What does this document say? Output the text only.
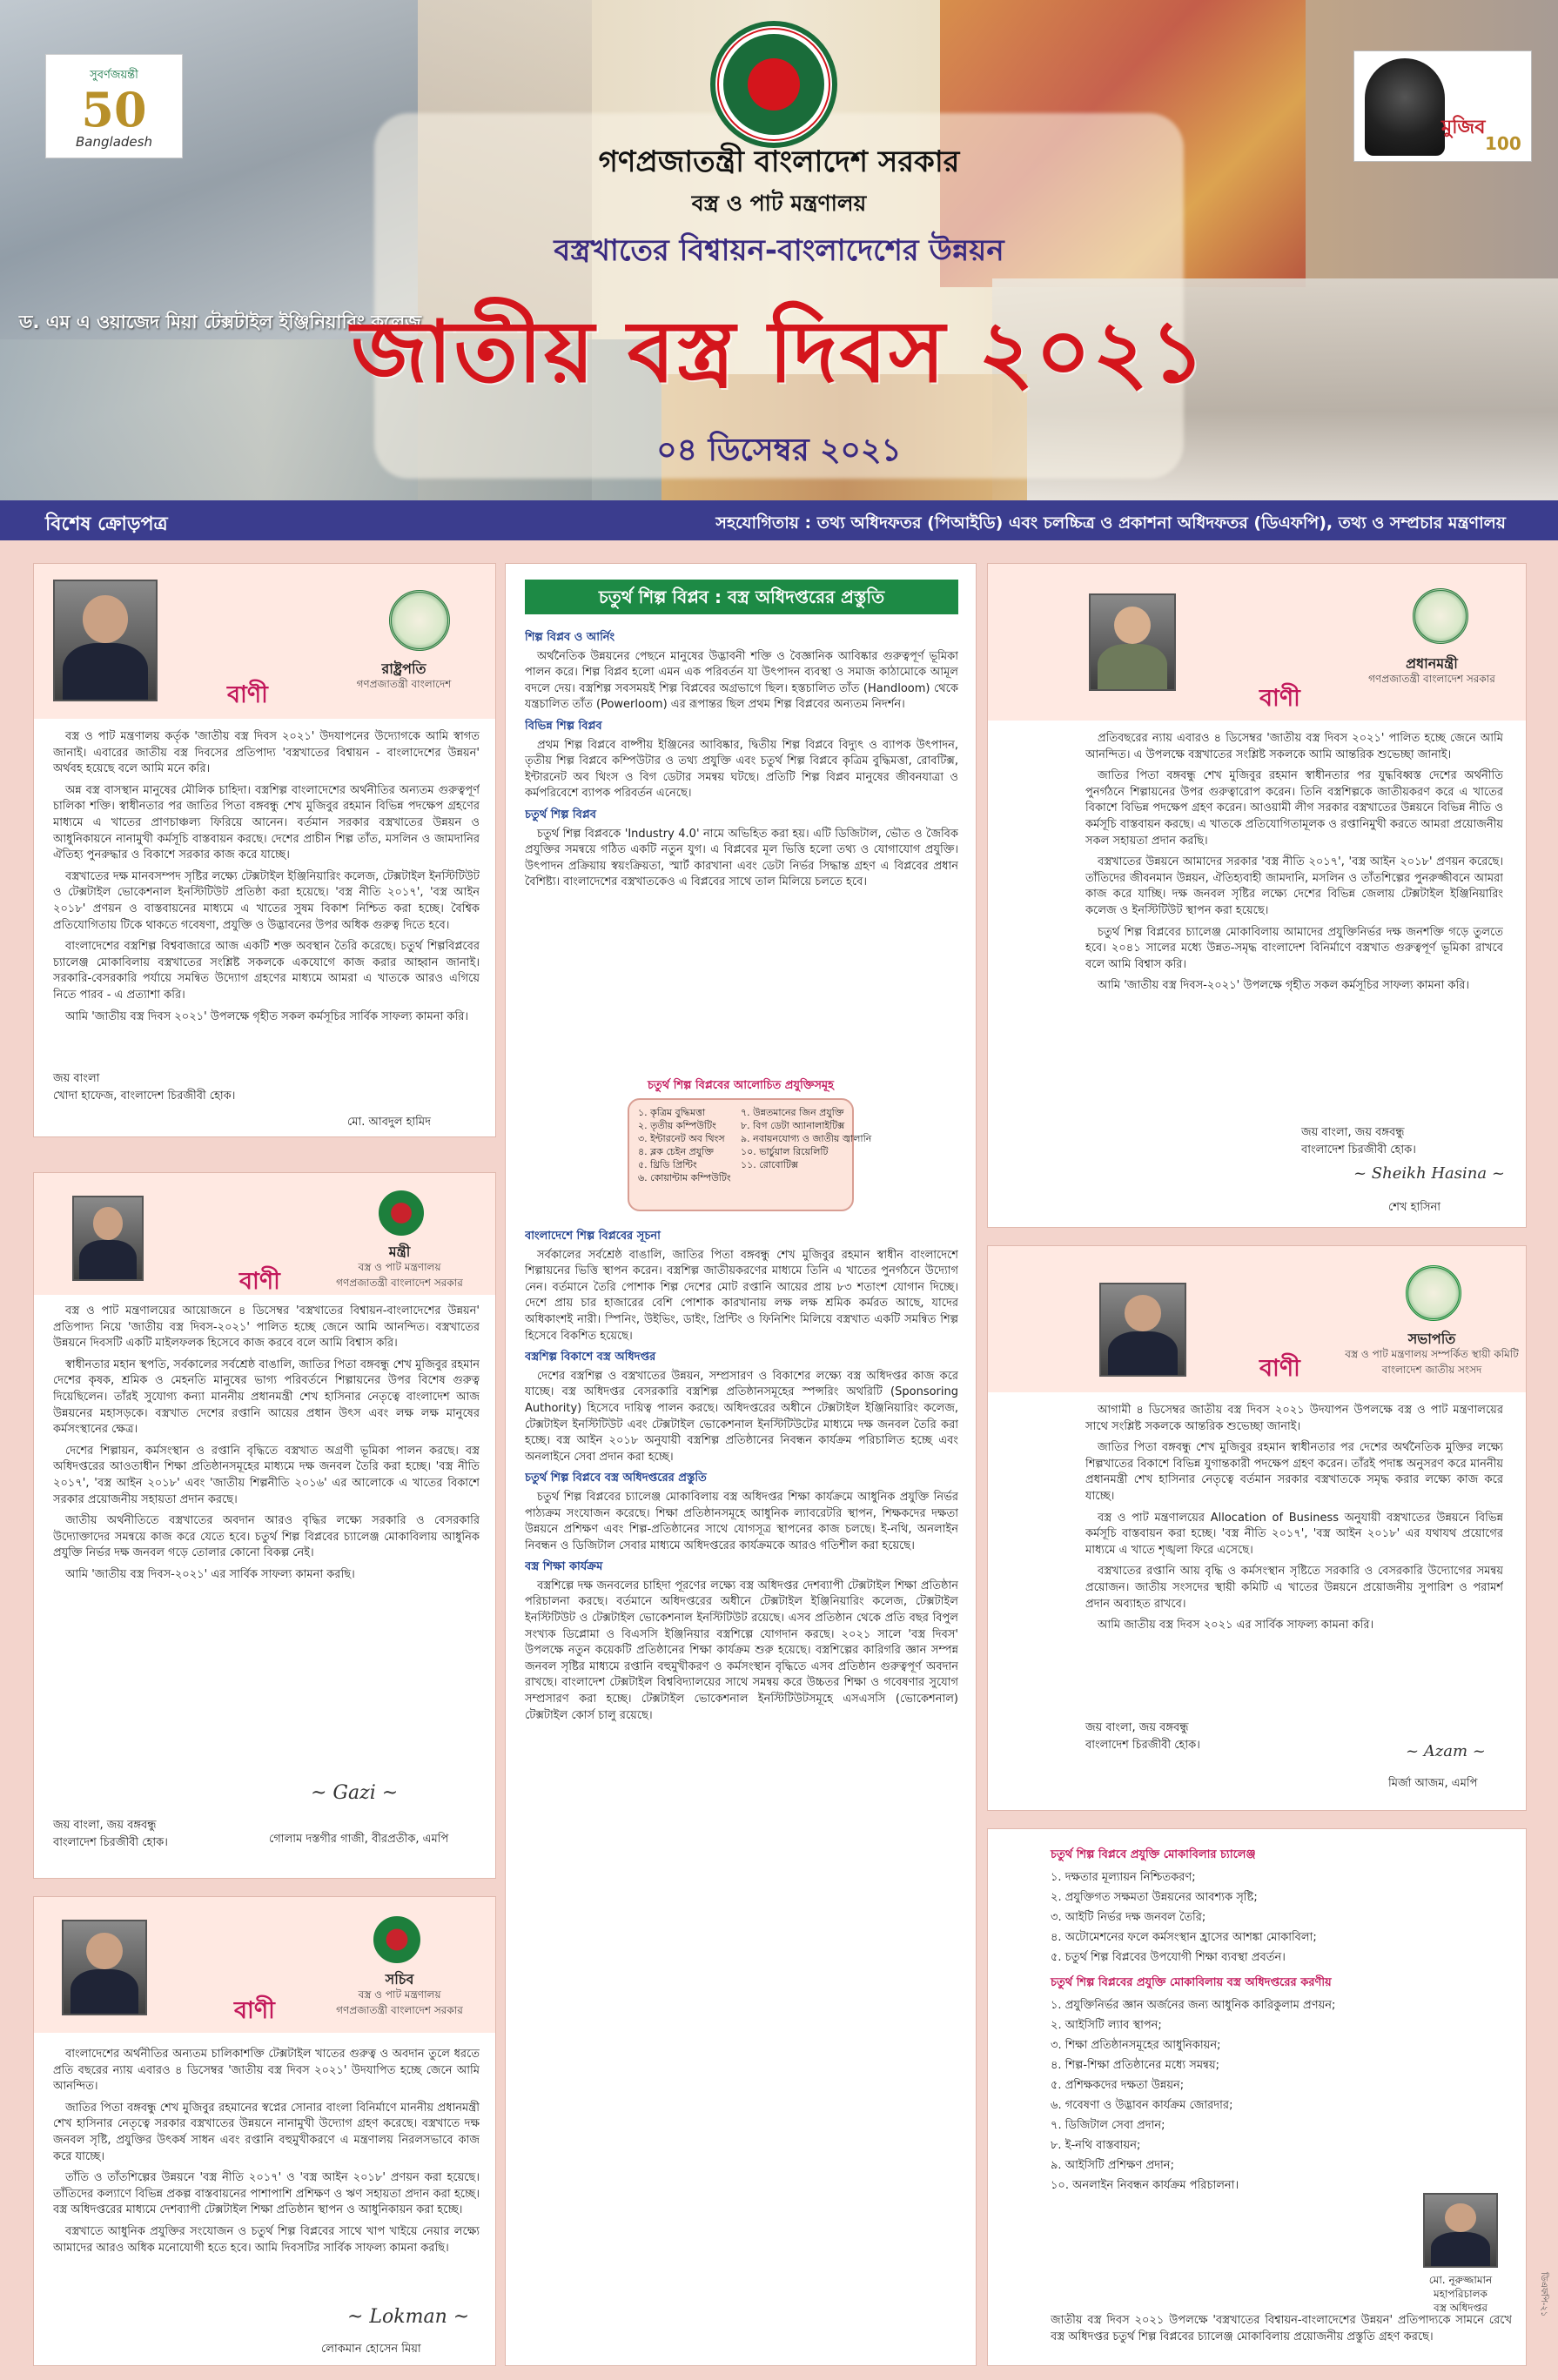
সুবর্ণজয়ন্তী
50
Bangladesh
মুজিব
100
গণপ্রজাতন্ত্রী বাংলাদেশ সরকার
বস্ত্র ও পাট মন্ত্রণালয়
বস্ত্রখাতের বিশ্বায়ন-বাংলাদেশের উন্নয়ন
ড. এম এ ওয়াজেদ মিয়া টেক্সটাইল ইঞ্জিনিয়ারিং কলেজ
জাতীয় বস্ত্র দিবস ২০২১
০৪ ডিসেম্বর ২০২১
বিশেষ ক্রোড়পত্র	সহযোগিতায় : তথ্য অধিদফতর (পিআইডি) এবং চলচ্চিত্র ও প্রকাশনা অধিদফতর (ডিএফপি), তথ্য ও সম্প্রচার মন্ত্রণালয়
রাষ্ট্রপতি
গণপ্রজাতন্ত্রী বাংলাদেশ
বাণী

বস্ত্র ও পাট মন্ত্রণালয় কর্তৃক 'জাতীয় বস্ত্র দিবস ২০২১' উদযাপনের উদ্যোগকে আমি স্বাগত জানাই। এবারের জাতীয় বস্ত্র দিবসের প্রতিপাদ্য 'বস্ত্রখাতের বিশ্বায়ন - বাংলাদেশের উন্নয়ন' অর্থবহ হয়েছে বলে আমি মনে করি।

অন্ন বস্ত্র বাসস্থান মানুষের মৌলিক চাহিদা। বস্ত্রশিল্প বাংলাদেশের অর্থনীতির অন্যতম গুরুত্বপূর্ণ চালিকা শক্তি। স্বাধীনতার পর জাতির পিতা বঙ্গবন্ধু শেখ মুজিবুর রহমান বিভিন্ন পদক্ষেপ গ্রহণের মাধ্যমে এ খাতের প্রাণচাঞ্চল্য ফিরিয়ে আনেন। বর্তমান সরকার বস্ত্রখাতের উন্নয়ন ও আধুনিকায়নে নানামুখী কর্মসূচি বাস্তবায়ন করছে। দেশের প্রাচীন শিল্প তাঁত, মসলিন ও জামদানির ঐতিহ্য পুনরুদ্ধার ও বিকাশে সরকার কাজ করে যাচ্ছে।

বস্ত্রখাতের দক্ষ মানবসম্পদ সৃষ্টির লক্ষ্যে টেক্সটাইল ইঞ্জিনিয়ারিং কলেজ, টেক্সটাইল ইনস্টিটিউট ও টেক্সটাইল ভোকেশনাল ইনস্টিটিউট প্রতিষ্ঠা করা হয়েছে। 'বস্ত্র নীতি ২০১৭', 'বস্ত্র আইন ২০১৮' প্রণয়ন ও বাস্তবায়নের মাধ্যমে এ খাতের সুষম বিকাশ নিশ্চিত করা হচ্ছে। বৈশ্বিক প্রতিযোগিতায় টিকে থাকতে গবেষণা, প্রযুক্তি ও উদ্ভাবনের উপর অধিক গুরুত্ব দিতে হবে।

বাংলাদেশের বস্ত্রশিল্প বিশ্ববাজারে আজ একটি শক্ত অবস্থান তৈরি করেছে। চতুর্থ শিল্পবিপ্লবের চ্যালেঞ্জ মোকাবিলায় বস্ত্রখাতের সংশ্লিষ্ট সকলকে একযোগে কাজ করার আহ্বান জানাই। সরকারি-বেসরকারি পর্যায়ে সমন্বিত উদ্যোগ গ্রহণের মাধ্যমে আমরা এ খাতকে আরও এগিয়ে নিতে পারব - এ প্রত্যাশা করি।

আমি 'জাতীয় বস্ত্র দিবস ২০২১' উপলক্ষে গৃহীত সকল কর্মসূচির সার্বিক সাফল্য কামনা করি।

জয় বাংলা
খোদা হাফেজ, বাংলাদেশ চিরজীবী হোক।
মো. আবদুল হামিদ
মন্ত্রী
বস্ত্র ও পাট মন্ত্রণালয়
গণপ্রজাতন্ত্রী বাংলাদেশ সরকার
বাণী

বস্ত্র ও পাট মন্ত্রণালয়ের আয়োজনে ৪ ডিসেম্বর 'বস্ত্রখাতের বিশ্বায়ন-বাংলাদেশের উন্নয়ন' প্রতিপাদ্য নিয়ে 'জাতীয় বস্ত্র দিবস-২০২১' পালিত হচ্ছে জেনে আমি আনন্দিত। বস্ত্রখাতের উন্নয়নে দিবসটি একটি মাইলফলক হিসেবে কাজ করবে বলে আমি বিশ্বাস করি।

স্বাধীনতার মহান স্থপতি, সর্বকালের সর্বশ্রেষ্ঠ বাঙালি, জাতির পিতা বঙ্গবন্ধু শেখ মুজিবুর রহমান দেশের কৃষক, শ্রমিক ও মেহনতি মানুষের ভাগ্য পরিবর্তনে শিল্পায়নের উপর বিশেষ গুরুত্ব দিয়েছিলেন। তাঁরই সুযোগ্য কন্যা মাননীয় প্রধানমন্ত্রী শেখ হাসিনার নেতৃত্বে বাংলাদেশ আজ উন্নয়নের মহাসড়কে। বস্ত্রখাত দেশের রপ্তানি আয়ের প্রধান উৎস এবং লক্ষ লক্ষ মানুষের কর্মসংস্থানের ক্ষেত্র।

দেশের শিল্পায়ন, কর্মসংস্থান ও রপ্তানি বৃদ্ধিতে বস্ত্রখাত অগ্রণী ভূমিকা পালন করছে। বস্ত্র অধিদপ্তরের আওতাধীন শিক্ষা প্রতিষ্ঠানসমূহের মাধ্যমে দক্ষ জনবল তৈরি করা হচ্ছে। 'বস্ত্র নীতি ২০১৭', 'বস্ত্র আইন ২০১৮' এবং 'জাতীয় শিল্পনীতি ২০১৬' এর আলোকে এ খাতের বিকাশে সরকার প্রয়োজনীয় সহায়তা প্রদান করছে।

জাতীয় অর্থনীতিতে বস্ত্রখাতের অবদান আরও বৃদ্ধির লক্ষ্যে সরকারি ও বেসরকারি উদ্যোক্তাদের সমন্বয়ে কাজ করে যেতে হবে। চতুর্থ শিল্প বিপ্লবের চ্যালেঞ্জ মোকাবিলায় আধুনিক প্রযুক্তি নির্ভর দক্ষ জনবল গড়ে তোলার কোনো বিকল্প নেই।

আমি 'জাতীয় বস্ত্র দিবস-২০২১' এর সার্বিক সাফল্য কামনা করছি।

~ Gazi ~
জয় বাংলা, জয় বঙ্গবন্ধু
বাংলাদেশ চিরজীবী হোক।	গোলাম দস্তগীর গাজী, বীরপ্রতীক, এমপি
সচিব
বস্ত্র ও পাট মন্ত্রণালয়
গণপ্রজাতন্ত্রী বাংলাদেশ সরকার
বাণী

বাংলাদেশের অর্থনীতির অন্যতম চালিকাশক্তি টেক্সটাইল খাতের গুরুত্ব ও অবদান তুলে ধরতে প্রতি বছরের ন্যায় এবারও ৪ ডিসেম্বর 'জাতীয় বস্ত্র দিবস ২০২১' উদযাপিত হচ্ছে জেনে আমি আনন্দিত।

জাতির পিতা বঙ্গবন্ধু শেখ মুজিবুর রহমানের স্বপ্নের সোনার বাংলা বিনির্মাণে মাননীয় প্রধানমন্ত্রী শেখ হাসিনার নেতৃত্বে সরকার বস্ত্রখাতের উন্নয়নে নানামুখী উদ্যোগ গ্রহণ করেছে। বস্ত্রখাতে দক্ষ জনবল সৃষ্টি, প্রযুক্তির উৎকর্ষ সাধন এবং রপ্তানি বহুমুখীকরণে এ মন্ত্রণালয় নিরলসভাবে কাজ করে যাচ্ছে।

তাঁতি ও তাঁতশিল্পের উন্নয়নে 'বস্ত্র নীতি ২০১৭' ও 'বস্ত্র আইন ২০১৮' প্রণয়ন করা হয়েছে। তাঁতিদের কল্যাণে বিভিন্ন প্রকল্প বাস্তবায়নের পাশাপাশি প্রশিক্ষণ ও ঋণ সহায়তা প্রদান করা হচ্ছে। বস্ত্র অধিদপ্তরের মাধ্যমে দেশব্যাপী টেক্সটাইল শিক্ষা প্রতিষ্ঠান স্থাপন ও আধুনিকায়ন করা হচ্ছে।

বস্ত্রখাতে আধুনিক প্রযুক্তির সংযোজন ও চতুর্থ শিল্প বিপ্লবের সাথে খাপ খাইয়ে নেয়ার লক্ষ্যে আমাদের আরও অধিক মনোযোগী হতে হবে। আমি দিবসটির সার্বিক সাফল্য কামনা করছি।

~ Lokman ~
লোকমান হোসেন মিয়া
চতুর্থ শিল্প বিপ্লব : বস্ত্র অধিদপ্তরের প্রস্তুতি
শিল্প বিপ্লব ও আর্নিং

অর্থনৈতিক উন্নয়নের পেছনে মানুষের উদ্ভাবনী শক্তি ও বৈজ্ঞানিক আবিষ্কার গুরুত্বপূর্ণ ভূমিকা পালন করে। শিল্প বিপ্লব হলো এমন এক পরিবর্তন যা উৎপাদন ব্যবস্থা ও সমাজ কাঠামোকে আমূল বদলে দেয়। বস্ত্রশিল্প সবসময়ই শিল্প বিপ্লবের অগ্রভাগে ছিল। হস্তচালিত তাঁত (Handloom) থেকে যন্ত্রচালিত তাঁত (Powerloom) এর রূপান্তর ছিল প্রথম শিল্প বিপ্লবের অন্যতম নিদর্শন।

বিভিন্ন শিল্প বিপ্লব

প্রথম শিল্প বিপ্লবে বাষ্পীয় ইঞ্জিনের আবিষ্কার, দ্বিতীয় শিল্প বিপ্লবে বিদ্যুৎ ও ব্যাপক উৎপাদন, তৃতীয় শিল্প বিপ্লবে কম্পিউটার ও তথ্য প্রযুক্তি এবং চতুর্থ শিল্প বিপ্লবে কৃত্রিম বুদ্ধিমত্তা, রোবটিক্স, ইন্টারনেট অব থিংস ও বিগ ডেটার সমন্বয় ঘটছে। প্রতিটি শিল্প বিপ্লব মানুষের জীবনযাত্রা ও কর্মপরিবেশে ব্যাপক পরিবর্তন এনেছে।

চতুর্থ শিল্প বিপ্লব

চতুর্থ শিল্প বিপ্লবকে 'Industry 4.0' নামে অভিহিত করা হয়। এটি ডিজিটাল, ভৌত ও জৈবিক প্রযুক্তির সমন্বয়ে গঠিত একটি নতুন যুগ। এ বিপ্লবের মূল ভিত্তি হলো তথ্য ও যোগাযোগ প্রযুক্তি। উৎপাদন প্রক্রিয়ায় স্বয়ংক্রিয়তা, স্মার্ট কারখানা এবং ডেটা নির্ভর সিদ্ধান্ত গ্রহণ এ বিপ্লবের প্রধান বৈশিষ্ট্য। বাংলাদেশের বস্ত্রখাতকেও এ বিপ্লবের সাথে তাল মিলিয়ে চলতে হবে।

চতুর্থ শিল্প বিপ্লবের আলোচিত প্রযুক্তিসমূহ
১. কৃত্রিম বুদ্ধিমত্তা
২. তৃতীয় কম্পিউটিং
৩. ইন্টারনেট অব থিংস
৪. ব্লক চেইন প্রযুক্তি
৫. থ্রিডি প্রিন্টিং
৬. কোয়ান্টাম কম্পিউটিং
৭. উন্নতমানের জিন প্রযুক্তি
৮. বিগ ডেটা অ্যানালাইটিক্স
৯. নবায়নযোগ্য ও জাতীয় জ্বালানি
১০. ভার্চুয়াল রিয়েলিটি
১১. রোবোটিক্স
বাংলাদেশে শিল্প বিপ্লবের সূচনা

সর্বকালের সর্বশ্রেষ্ঠ বাঙালি, জাতির পিতা বঙ্গবন্ধু শেখ মুজিবুর রহমান স্বাধীন বাংলাদেশে শিল্পায়নের ভিত্তি স্থাপন করেন। বস্ত্রশিল্প জাতীয়করণের মাধ্যমে তিনি এ খাতের পুনর্গঠনে উদ্যোগ নেন। বর্তমানে তৈরি পোশাক শিল্প দেশের মোট রপ্তানি আয়ের প্রায় ৮৩ শতাংশ যোগান দিচ্ছে। দেশে প্রায় চার হাজারের বেশি পোশাক কারখানায় লক্ষ লক্ষ শ্রমিক কর্মরত আছে, যাদের অধিকাংশই নারী। স্পিনিং, উইভিং, ডাইং, প্রিন্টিং ও ফিনিশিং মিলিয়ে বস্ত্রখাত একটি সমন্বিত শিল্প হিসেবে বিকশিত হয়েছে।

বস্ত্রশিল্প বিকাশে বস্ত্র অধিদপ্তর

দেশের বস্ত্রশিল্প ও বস্ত্রখাতের উন্নয়ন, সম্প্রসারণ ও বিকাশের লক্ষ্যে বস্ত্র অধিদপ্তর কাজ করে যাচ্ছে। বস্ত্র অধিদপ্তর বেসরকারি বস্ত্রশিল্প প্রতিষ্ঠানসমূহের স্পন্সরিং অথরিটি (Sponsoring Authority) হিসেবে দায়িত্ব পালন করছে। অধিদপ্তরের অধীনে টেক্সটাইল ইঞ্জিনিয়ারিং কলেজ, টেক্সটাইল ইনস্টিটিউট এবং টেক্সটাইল ভোকেশনাল ইনস্টিটিউটের মাধ্যমে দক্ষ জনবল তৈরি করা হচ্ছে। বস্ত্র আইন ২০১৮ অনুযায়ী বস্ত্রশিল্প প্রতিষ্ঠানের নিবন্ধন কার্যক্রম পরিচালিত হচ্ছে এবং অনলাইনে সেবা প্রদান করা হচ্ছে।

চতুর্থ শিল্প বিপ্লবে বস্ত্র অধিদপ্তরের প্রস্তুতি

চতুর্থ শিল্প বিপ্লবের চ্যালেঞ্জ মোকাবিলায় বস্ত্র অধিদপ্তর শিক্ষা কার্যক্রমে আধুনিক প্রযুক্তি নির্ভর পাঠ্যক্রম সংযোজন করেছে। শিক্ষা প্রতিষ্ঠানসমূহে আধুনিক ল্যাবরেটরি স্থাপন, শিক্ষকদের দক্ষতা উন্নয়নে প্রশিক্ষণ এবং শিল্প-প্রতিষ্ঠানের সাথে যোগসূত্র স্থাপনের কাজ চলছে। ই-নথি, অনলাইন নিবন্ধন ও ডিজিটাল সেবার মাধ্যমে অধিদপ্তরের কার্যক্রমকে আরও গতিশীল করা হয়েছে।

বস্ত্র শিক্ষা কার্যক্রম

বস্ত্রশিল্পে দক্ষ জনবলের চাহিদা পূরণের লক্ষ্যে বস্ত্র অধিদপ্তর দেশব্যাপী টেক্সটাইল শিক্ষা প্রতিষ্ঠান পরিচালনা করছে। বর্তমানে অধিদপ্তরের অধীনে টেক্সটাইল ইঞ্জিনিয়ারিং কলেজ, টেক্সটাইল ইনস্টিটিউট ও টেক্সটাইল ভোকেশনাল ইনস্টিটিউট রয়েছে। এসব প্রতিষ্ঠান থেকে প্রতি বছর বিপুল সংখ্যক ডিপ্লোমা ও বিএসসি ইঞ্জিনিয়ার বস্ত্রশিল্পে যোগদান করছে। ২০২১ সালে 'বস্ত্র দিবস' উপলক্ষে নতুন কয়েকটি প্রতিষ্ঠানের শিক্ষা কার্যক্রম শুরু হয়েছে। বস্ত্রশিল্পের কারিগরি জ্ঞান সম্পন্ন জনবল সৃষ্টির মাধ্যমে রপ্তানি বহুমুখীকরণ ও কর্মসংস্থান বৃদ্ধিতে এসব প্রতিষ্ঠান গুরুত্বপূর্ণ অবদান রাখছে। বাংলাদেশ টেক্সটাইল বিশ্ববিদ্যালয়ের সাথে সমন্বয় করে উচ্চতর শিক্ষা ও গবেষণার সুযোগ সম্প্রসারণ করা হচ্ছে। টেক্সটাইল ভোকেশনাল ইনস্টিটিউটসমূহে এসএসসি (ভোকেশনাল) টেক্সটাইল কোর্স চালু রয়েছে।

প্রধানমন্ত্রী
গণপ্রজাতন্ত্রী বাংলাদেশ সরকার
বাণী

প্রতিবছরের ন্যায় এবারও ৪ ডিসেম্বর 'জাতীয় বস্ত্র দিবস ২০২১' পালিত হচ্ছে জেনে আমি আনন্দিত। এ উপলক্ষে বস্ত্রখাতের সংশ্লিষ্ট সকলকে আমি আন্তরিক শুভেচ্ছা জানাই।

জাতির পিতা বঙ্গবন্ধু শেখ মুজিবুর রহমান স্বাধীনতার পর যুদ্ধবিধ্বস্ত দেশের অর্থনীতি পুনর্গঠনে শিল্পায়নের উপর গুরুত্বারোপ করেন। তিনি বস্ত্রশিল্পকে জাতীয়করণ করে এ খাতের বিকাশে বিভিন্ন পদক্ষেপ গ্রহণ করেন। আওয়ামী লীগ সরকার বস্ত্রখাতের উন্নয়নে বিভিন্ন নীতি ও কর্মসূচি বাস্তবায়ন করছে। এ খাতকে প্রতিযোগিতামূলক ও রপ্তানিমুখী করতে আমরা প্রয়োজনীয় সকল সহায়তা প্রদান করছি।

বস্ত্রখাতের উন্নয়নে আমাদের সরকার 'বস্ত্র নীতি ২০১৭', 'বস্ত্র আইন ২০১৮' প্রণয়ন করেছে। তাঁতিদের জীবনমান উন্নয়ন, ঐতিহ্যবাহী জামদানি, মসলিন ও তাঁতশিল্পের পুনরুজ্জীবনে আমরা কাজ করে যাচ্ছি। দক্ষ জনবল সৃষ্টির লক্ষ্যে দেশের বিভিন্ন জেলায় টেক্সটাইল ইঞ্জিনিয়ারিং কলেজ ও ইনস্টিটিউট স্থাপন করা হয়েছে।

চতুর্থ শিল্প বিপ্লবের চ্যালেঞ্জ মোকাবিলায় আমাদের প্রযুক্তিনির্ভর দক্ষ জনশক্তি গড়ে তুলতে হবে। ২০৪১ সালের মধ্যে উন্নত-সমৃদ্ধ বাংলাদেশ বিনির্মাণে বস্ত্রখাত গুরুত্বপূর্ণ ভূমিকা রাখবে বলে আমি বিশ্বাস করি।

আমি 'জাতীয় বস্ত্র দিবস-২০২১' উপলক্ষে গৃহীত সকল কর্মসূচির সাফল্য কামনা করি।

জয় বাংলা, জয় বঙ্গবন্ধু
বাংলাদেশ চিরজীবী হোক।
~ Sheikh Hasina ~
শেখ হাসিনা
সভাপতি
বস্ত্র ও পাট মন্ত্রণালয় সম্পর্কিত স্থায়ী কমিটি
বাংলাদেশ জাতীয় সংসদ
বাণী

আগামী ৪ ডিসেম্বর জাতীয় বস্ত্র দিবস ২০২১ উদযাপন উপলক্ষে বস্ত্র ও পাট মন্ত্রণালয়ের সাথে সংশ্লিষ্ট সকলকে আন্তরিক শুভেচ্ছা জানাই।

জাতির পিতা বঙ্গবন্ধু শেখ মুজিবুর রহমান স্বাধীনতার পর দেশের অর্থনৈতিক মুক্তির লক্ষ্যে শিল্পখাতের বিকাশে বিভিন্ন যুগান্তকারী পদক্ষেপ গ্রহণ করেন। তাঁরই পদাঙ্ক অনুসরণ করে মাননীয় প্রধানমন্ত্রী শেখ হাসিনার নেতৃত্বে বর্তমান সরকার বস্ত্রখাতকে সমৃদ্ধ করার লক্ষ্যে কাজ করে যাচ্ছে।

বস্ত্র ও পাট মন্ত্রণালয়ের Allocation of Business অনুযায়ী বস্ত্রখাতের উন্নয়নে বিভিন্ন কর্মসূচি বাস্তবায়ন করা হচ্ছে। 'বস্ত্র নীতি ২০১৭', 'বস্ত্র আইন ২০১৮' এর যথাযথ প্রয়োগের মাধ্যমে এ খাতে শৃঙ্খলা ফিরে এসেছে।

বস্ত্রখাতের রপ্তানি আয় বৃদ্ধি ও কর্মসংস্থান সৃষ্টিতে সরকারি ও বেসরকারি উদ্যোগের সমন্বয় প্রয়োজন। জাতীয় সংসদের স্থায়ী কমিটি এ খাতের উন্নয়নে প্রয়োজনীয় সুপারিশ ও পরামর্শ প্রদান অব্যাহত রাখবে।

আমি জাতীয় বস্ত্র দিবস ২০২১ এর সার্বিক সাফল্য কামনা করি।

জয় বাংলা, জয় বঙ্গবন্ধু
বাংলাদেশ চিরজীবী হোক।	~ Azam ~
মির্জা আজম, এমপি
চতুর্থ শিল্প বিপ্লবে প্রযুক্তি মোকাবিলার চ্যালেঞ্জ
১. দক্ষতার মূল্যায়ন নিশ্চিতকরণ;
২. প্রযুক্তিগত সক্ষমতা উন্নয়নের আবশ্যক সৃষ্টি;
৩. আইটি নির্ভর দক্ষ জনবল তৈরি;
৪. অটোমেশনের ফলে কর্মসংস্থান হ্রাসের আশঙ্কা মোকাবিলা;
৫. চতুর্থ শিল্প বিপ্লবের উপযোগী শিক্ষা ব্যবস্থা প্রবর্তন।
চতুর্থ শিল্প বিপ্লবের প্রযুক্তি মোকাবিলায় বস্ত্র অধিদপ্তরের করণীয়
১. প্রযুক্তিনির্ভর জ্ঞান অর্জনের জন্য আধুনিক কারিকুলাম প্রণয়ন;
২. আইসিটি ল্যাব স্থাপন;
৩. শিক্ষা প্রতিষ্ঠানসমূহের আধুনিকায়ন;
৪. শিল্প-শিক্ষা প্রতিষ্ঠানের মধ্যে সমন্বয়;
৫. প্রশিক্ষকদের দক্ষতা উন্নয়ন;
৬. গবেষণা ও উদ্ভাবন কার্যক্রম জোরদার;
৭. ডিজিটাল সেবা প্রদান;
৮. ই-নথি বাস্তবায়ন;
৯. আইসিটি প্রশিক্ষণ প্রদান;
১০. অনলাইন নিবন্ধন কার্যক্রম পরিচালনা।
মো. নূরুজ্জামান
মহাপরিচালক
বস্ত্র অধিদপ্তর
জাতীয় বস্ত্র দিবস ২০২১ উপলক্ষে 'বস্ত্রখাতের বিশ্বায়ন-বাংলাদেশের উন্নয়ন' প্রতিপাদ্যকে সামনে রেখে বস্ত্র অধিদপ্তর চতুর্থ শিল্প বিপ্লবের চ্যালেঞ্জ মোকাবিলায় প্রয়োজনীয় প্রস্তুতি গ্রহণ করছে।
ডিএফপি-২১
